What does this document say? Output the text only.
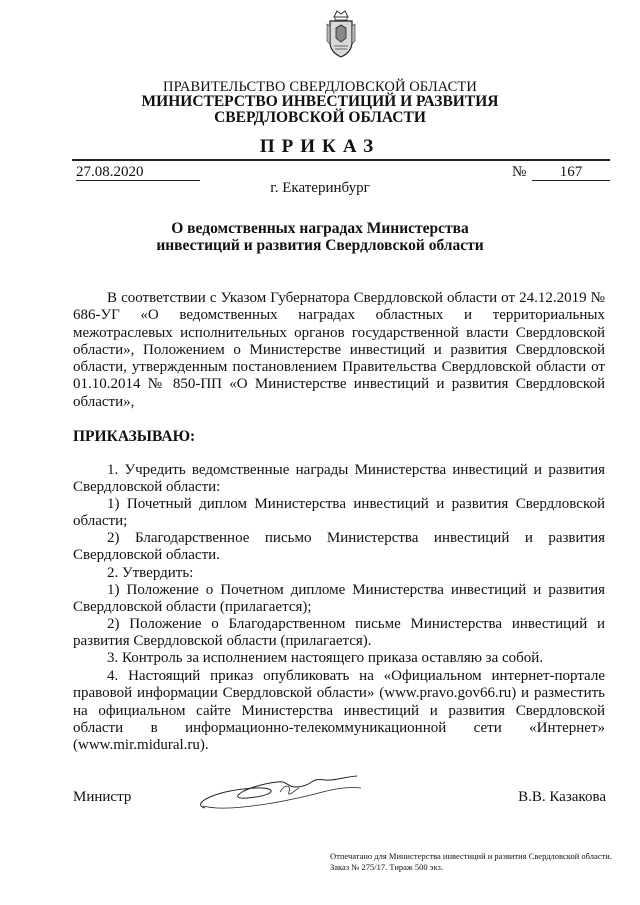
ПРАВИТЕЛЬСТВО СВЕРДЛОВСКОЙ ОБЛАСТИ
МИНИСТЕРСТВО ИНВЕСТИЦИЙ И РАЗВИТИЯ
СВЕРДЛОВСКОЙ ОБЛАСТИ
ПРИКАЗ
27.08.2020	№	167
г. Екатеринбург
О ведомственных наградах Министерства
инвестиций и развития Свердловской области

В соответствии с Указом Губернатора Свердловской области от 24.12.2019 № 686-УГ «О ведомственных наградах областных и территориальных межотраслевых исполнительных органов государственной власти Свердловской области», Положением о Министерстве инвестиций и развития Свердловской области, утвержденным постановлением Правительства Свердловской области от 01.10.2014 № 850-ПП «О Министерстве инвестиций и развития Свердловской области»,

ПРИКАЗЫВАЮ:

1. Учредить ведомственные награды Министерства инвестиций и развития Свердловской области:

1) Почетный диплом Министерства инвестиций и развития Свердловской области;

2) Благодарственное письмо Министерства инвестиций и развития Свердловской области.

2. Утвердить:

1) Положение о Почетном дипломе Министерства инвестиций и развития Свердловской области (прилагается);

2) Положение о Благодарственном письме Министерства инвестиций и развития Свердловской области (прилагается).

3. Контроль за исполнением настоящего приказа оставляю за собой.

4. Настоящий приказ опубликовать на «Официальном интернет-портале правовой информации Свердловской области» (www.pravo.gov66.ru) и разместить на официальном сайте Министерства инвестиций и развития Свердловской области в информационно-телекоммуникационной сети «Интернет» (www.mir.midural.ru).

Министр	В.В. Казакова
Отпечатано для Министерства инвестиций и развития Свердловской области.
Заказ № 275/17. Тираж 500 экз.
